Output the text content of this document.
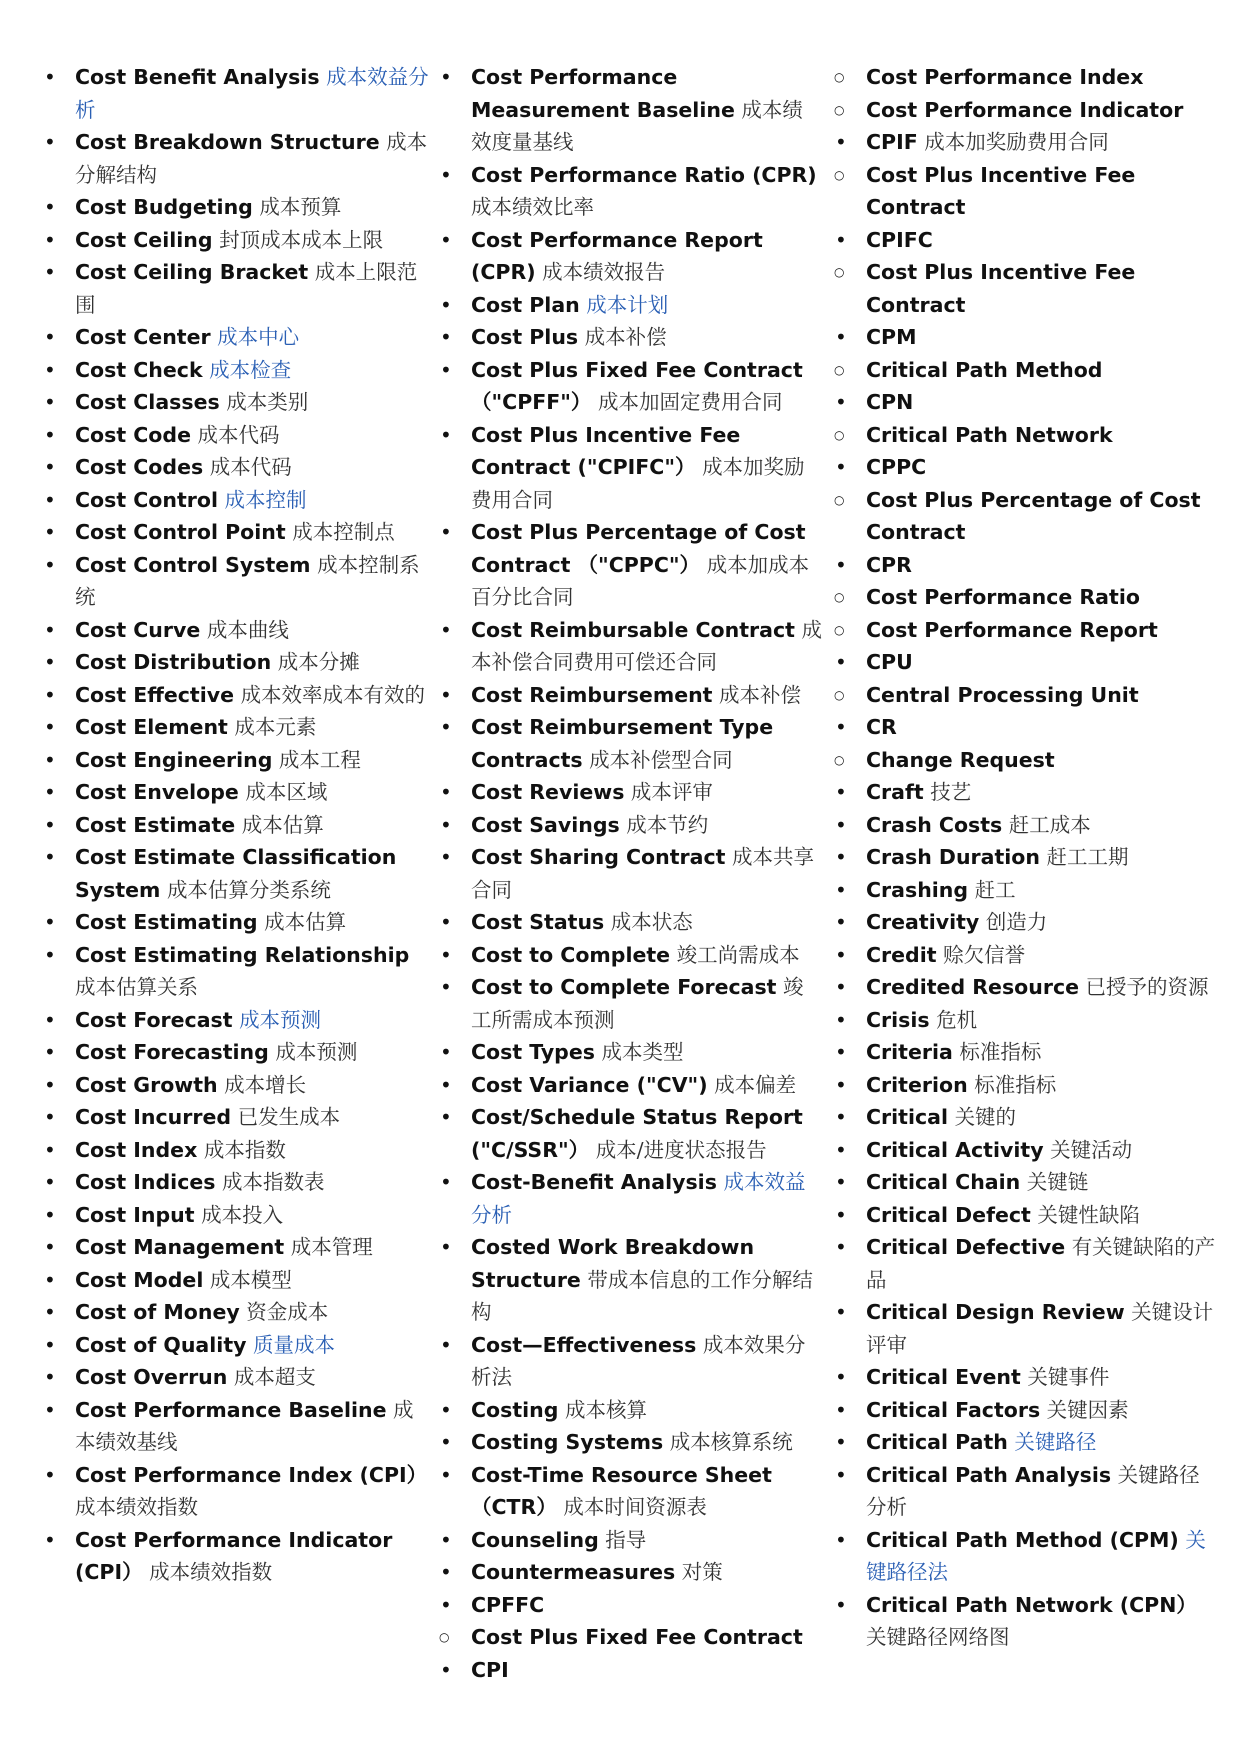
• Cost Benefit Analysis 成本效益分析
• Cost Breakdown Structure 成本分解结构
• Cost Budgeting 成本预算
• Cost Ceiling 封顶成本成本上限
• Cost Ceiling Bracket 成本上限范围
• Cost Center 成本中心
• Cost Check 成本检查
• Cost Classes 成本类别
• Cost Code 成本代码
• Cost Codes 成本代码
• Cost Control 成本控制
• Cost Control Point 成本控制点
• Cost Control System 成本控制系统
• Cost Curve 成本曲线
• Cost Distribution 成本分摊
• Cost Effective 成本效率成本有效的
• Cost Element 成本元素
• Cost Engineering 成本工程
• Cost Envelope 成本区域
• Cost Estimate 成本估算
• Cost Estimate Classification System 成本估算分类系统
• Cost Estimating 成本估算
• Cost Estimating Relationship 成本估算关系
• Cost Forecast 成本预测
• Cost Forecasting 成本预测
• Cost Growth 成本增长
• Cost Incurred 已发生成本
• Cost Index 成本指数
• Cost Indices 成本指数表
• Cost Input 成本投入
• Cost Management 成本管理
• Cost Model 成本模型
• Cost of Money 资金成本
• Cost of Quality 质量成本
• Cost Overrun 成本超支
• Cost Performance Baseline 成本绩效基线
• Cost Performance Index (CPI） 成本绩效指数
• Cost Performance Indicator (CPI） 成本绩效指数
• Cost Performance Measurement Baseline 成本绩效度量基线
• Cost Performance Ratio (CPR) 成本绩效比率
• Cost Performance Report (CPR) 成本绩效报告
• Cost Plan 成本计划
• Cost Plus 成本补偿
• Cost Plus Fixed Fee Contract （"CPFF"） 成本加固定费用合同
• Cost Plus Incentive Fee Contract ("CPIFC"） 成本加奖励费用合同
• Cost Plus Percentage of Cost Contract （"CPPC"） 成本加成本百分比合同
• Cost Reimbursable Contract 成本补偿合同费用可偿还合同
• Cost Reimbursement 成本补偿
• Cost Reimbursement Type Contracts 成本补偿型合同
• Cost Reviews 成本评审
• Cost Savings 成本节约
• Cost Sharing Contract 成本共享合同
• Cost Status 成本状态
• Cost to Complete 竣工尚需成本
• Cost to Complete Forecast 竣工所需成本预测
• Cost Types 成本类型
• Cost Variance ("CV") 成本偏差
• Cost/Schedule Status Report ("C/SSR"） 成本/进度状态报告
• Cost-Benefit Analysis 成本效益分析
• Costed Work Breakdown Structure 带成本信息的工作分解结构
• Cost—Effectiveness 成本效果分析法
• Costing 成本核算
• Costing Systems 成本核算系统
• Cost-Time Resource Sheet （CTR） 成本时间资源表
• Counseling 指导
• Countermeasures 对策
• CPFFC
○ Cost Plus Fixed Fee Contract
• CPI
○ Cost Performance Index
○ Cost Performance Indicator
• CPIF 成本加奖励费用合同
○ Cost Plus Incentive Fee Contract
• CPIFC
○ Cost Plus Incentive Fee Contract
• CPM
○ Critical Path Method
• CPN
○ Critical Path Network
• CPPC
○ Cost Plus Percentage of Cost Contract
• CPR
○ Cost Performance Ratio
○ Cost Performance Report
• CPU
○ Central Processing Unit
• CR
○ Change Request
• Craft 技艺
• Crash Costs 赶工成本
• Crash Duration 赶工工期
• Crashing 赶工
• Creativity 创造力
• Credit 赊欠信誉
• Credited Resource 已授予的资源
• Crisis 危机
• Criteria 标准指标
• Criterion 标准指标
• Critical 关键的
• Critical Activity 关键活动
• Critical Chain 关键链
• Critical Defect 关键性缺陷
• Critical Defective 有关键缺陷的产品
• Critical Design Review 关键设计评审
• Critical Event 关键事件
• Critical Factors 关键因素
• Critical Path 关键路径
• Critical Path Analysis 关键路径分析
• Critical Path Method (CPM) 关键路径法
• Critical Path Network (CPN） 关键路径网络图
